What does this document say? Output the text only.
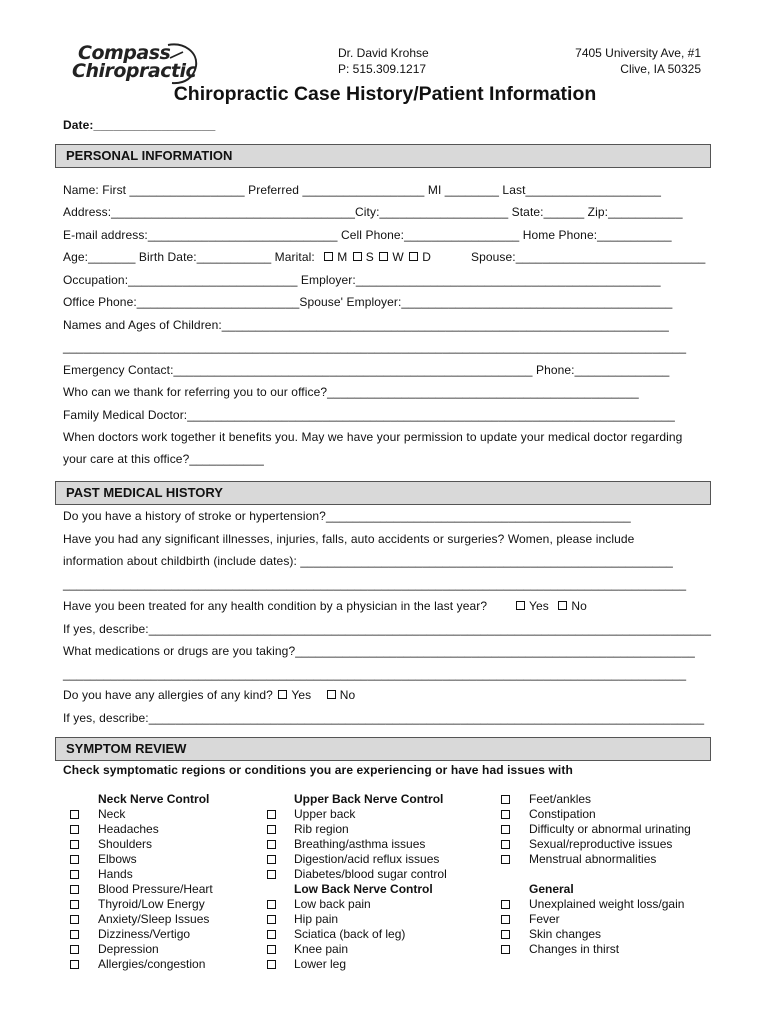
Compass
Chiropractic
Dr. David Krohse
P: 515.309.1217
7405 University Ave, #1
Clive, IA 50325
Chiropractic Case History/Patient Information
Date:__________________
PERSONAL INFORMATION
Name: First _________________ Preferred __________________ MI ________ Last____________________
Address:____________________________________City:___________________ State:______ Zip:___________
E-mail address:____________________________ Cell Phone:_________________ Home Phone:___________
Age:_______ Birth Date:___________ Marital: M S W D	Spouse:____________________________
Occupation:_________________________ Employer:_____________________________________________
Office Phone:________________________Spouse' Employer:________________________________________
Names and Ages of Children:__________________________________________________________________
____________________________________________________________________________________________
Emergency Contact:_____________________________________________________ Phone:______________
Who can we thank for referring you to our office?______________________________________________
Family Medical Doctor:________________________________________________________________________
When doctors work together it benefits you. May we have your permission to update your medical doctor regarding
your care at this office?___________
PAST MEDICAL HISTORY
Do you have a history of stroke or hypertension?_____________________________________________
Have you had any significant illnesses, injuries, falls, auto accidents or surgeries? Women, please include
information about childbirth (include dates): _______________________________________________________
____________________________________________________________________________________________
Have you been treated for any health condition by a physician in the last year?	Yes No
If yes, describe:___________________________________________________________________________________
What medications or drugs are you taking?___________________________________________________________
____________________________________________________________________________________________
Do you have any allergies of any kind? Yes No
If yes, describe:__________________________________________________________________________________
SYMPTOM REVIEW
Check symptomatic regions or conditions you are experiencing or have had issues with
Neck Nerve Control
Neck
Headaches
Shoulders
Elbows
Hands
Blood Pressure/Heart
Thyroid/Low Energy
Anxiety/Sleep Issues
Dizziness/Vertigo
Depression
Allergies/congestion
Upper Back Nerve Control
Upper back
Rib region
Breathing/asthma issues
Digestion/acid reflux issues
Diabetes/blood sugar control
Low Back Nerve Control
Low back pain
Hip pain
Sciatica (back of leg)
Knee pain
Lower leg
Feet/ankles
Constipation
Difficulty or abnormal urinating
Sexual/reproductive issues
Menstrual abnormalities
General
Unexplained weight loss/gain
Fever
Skin changes
Changes in thirst
